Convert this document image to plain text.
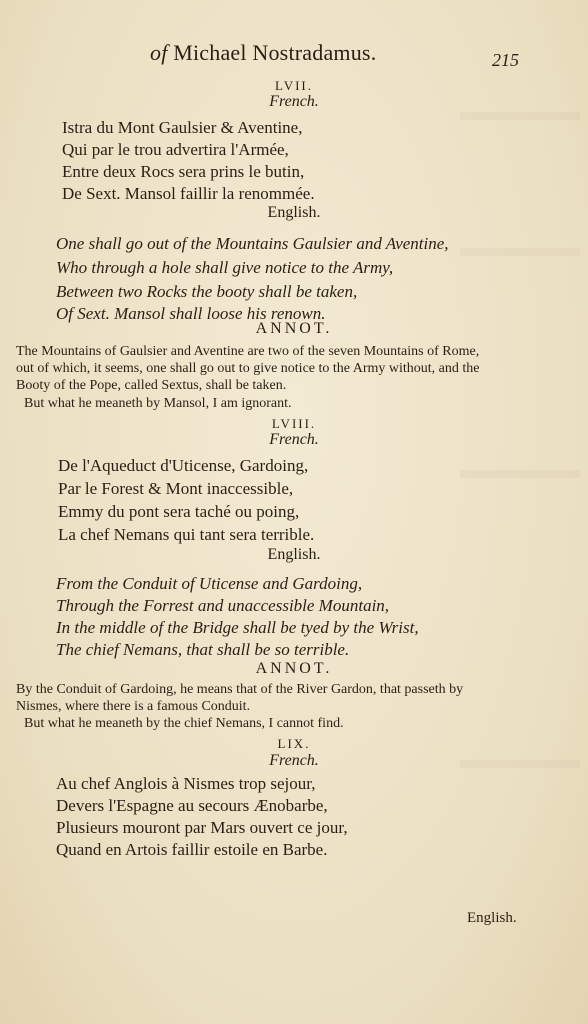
of Michael Nostradamus.	215
LVII.
French.
Istra du Mont Gaulsier & Aventine,
Qui par le trou advertira l'Armée,
Entre deux Rocs sera prins le butin,
De Sext. Mansol faillir la renommée.
English.
One shall go out of the Mountains Gaulsier and Aventine,
Who through a hole shall give notice to the Army,
Between two Rocks the booty shall be taken,
Of Sext. Mansol shall loose his renown.
ANNOT.
The Mountains of Gaulsier and Aventine are two of the seven Mountains of Rome,
out of which, it seems, one shall go out to give notice to the Army without, and the
Booty of the Pope, called Sextus, shall be taken.
But what he meaneth by Mansol, I am ignorant.
LVIII.
French.
De l'Aqueduct d'Uticense, Gardoing,
Par le Forest & Mont inaccessible,
Emmy du pont sera taché ou poing,
La chef Nemans qui tant sera terrible.
English.
From the Conduit of Uticense and Gardoing,
Through the Forrest and unaccessible Mountain,
In the middle of the Bridge shall be tyed by the Wrist,
The chief Nemans, that shall be so terrible.
ANNOT.
By the Conduit of Gardoing, he means that of the River Gardon, that passeth by
Nismes, where there is a famous Conduit.
But what he meaneth by the chief Nemans, I cannot find.
LIX.
French.
Au chef Anglois à Nismes trop sejour,
Devers l'Espagne au secours Ænobarbe,
Plusieurs mouront par Mars ouvert ce jour,
Quand en Artois faillir estoile en Barbe.
English.
